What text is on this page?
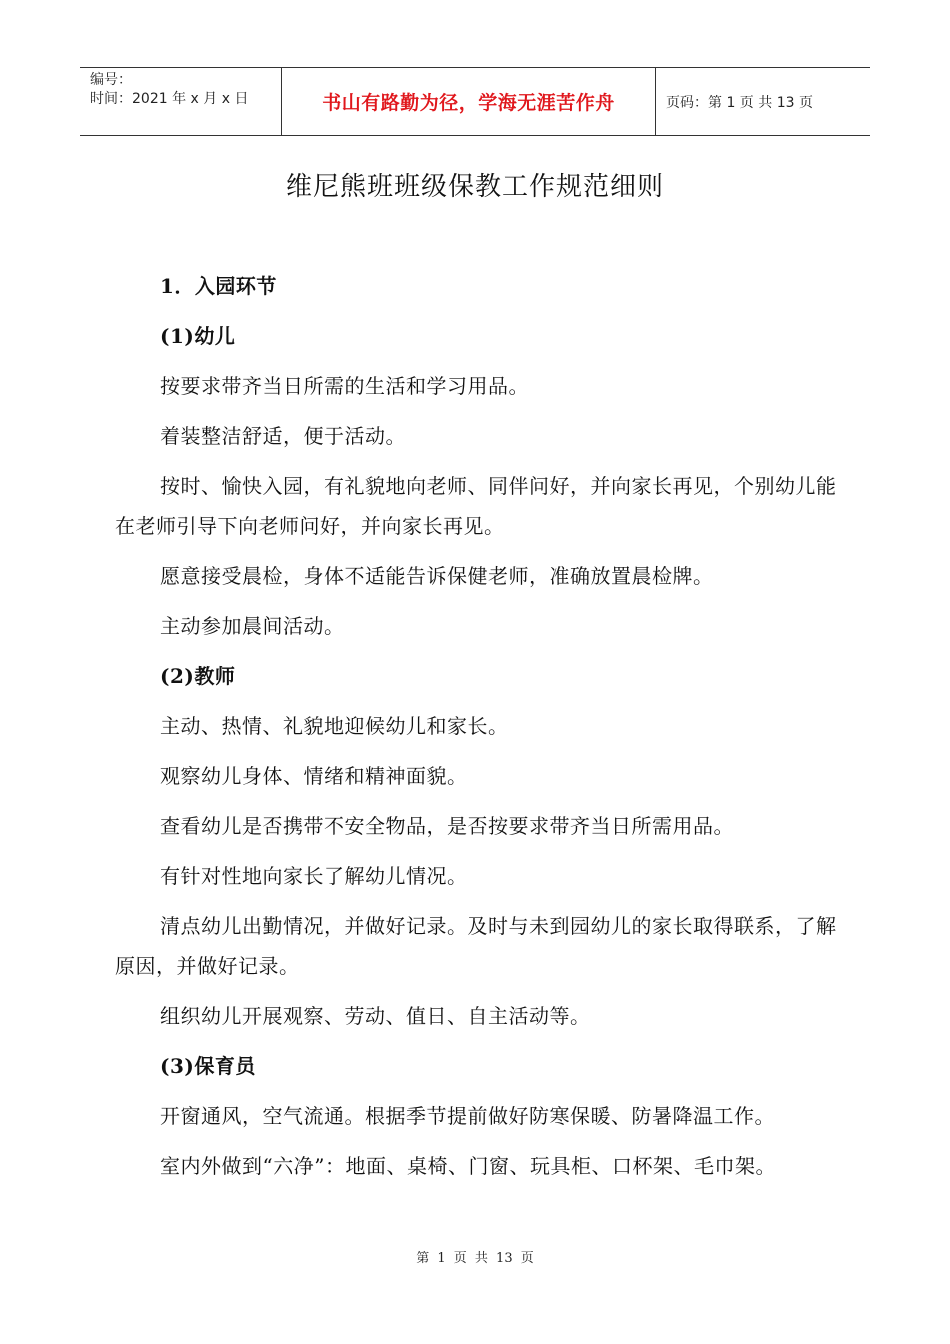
编号：
时间：2021 年 x 月 x 日	书山有路勤为径，学海无涯苦作舟	页码：第 1 页 共 13 页
维尼熊班班级保教工作规范细则

1．入园环节

(1)幼儿

按要求带齐当日所需的生活和学习用品。

着装整洁舒适，便于活动。

按时、愉快入园，有礼貌地向老师、同伴问好，并向家长再见，个别幼儿能在老师引导下向老师问好，并向家长再见。

愿意接受晨检，身体不适能告诉保健老师，准确放置晨检牌。

主动参加晨间活动。

(2)教师

主动、热情、礼貌地迎候幼儿和家长。

观察幼儿身体、情绪和精神面貌。

查看幼儿是否携带不安全物品，是否按要求带齐当日所需用品。

有针对性地向家长了解幼儿情况。

清点幼儿出勤情况，并做好记录。及时与未到园幼儿的家长取得联系，了解原因，并做好记录。

组织幼儿开展观察、劳动、值日、自主活动等。

(3)保育员

开窗通风，空气流通。根据季节提前做好防寒保暖、防暑降温工作。

室内外做到“六净”：地面、桌椅、门窗、玩具柜、口杯架、毛巾架。

第 1 页 共 13 页
